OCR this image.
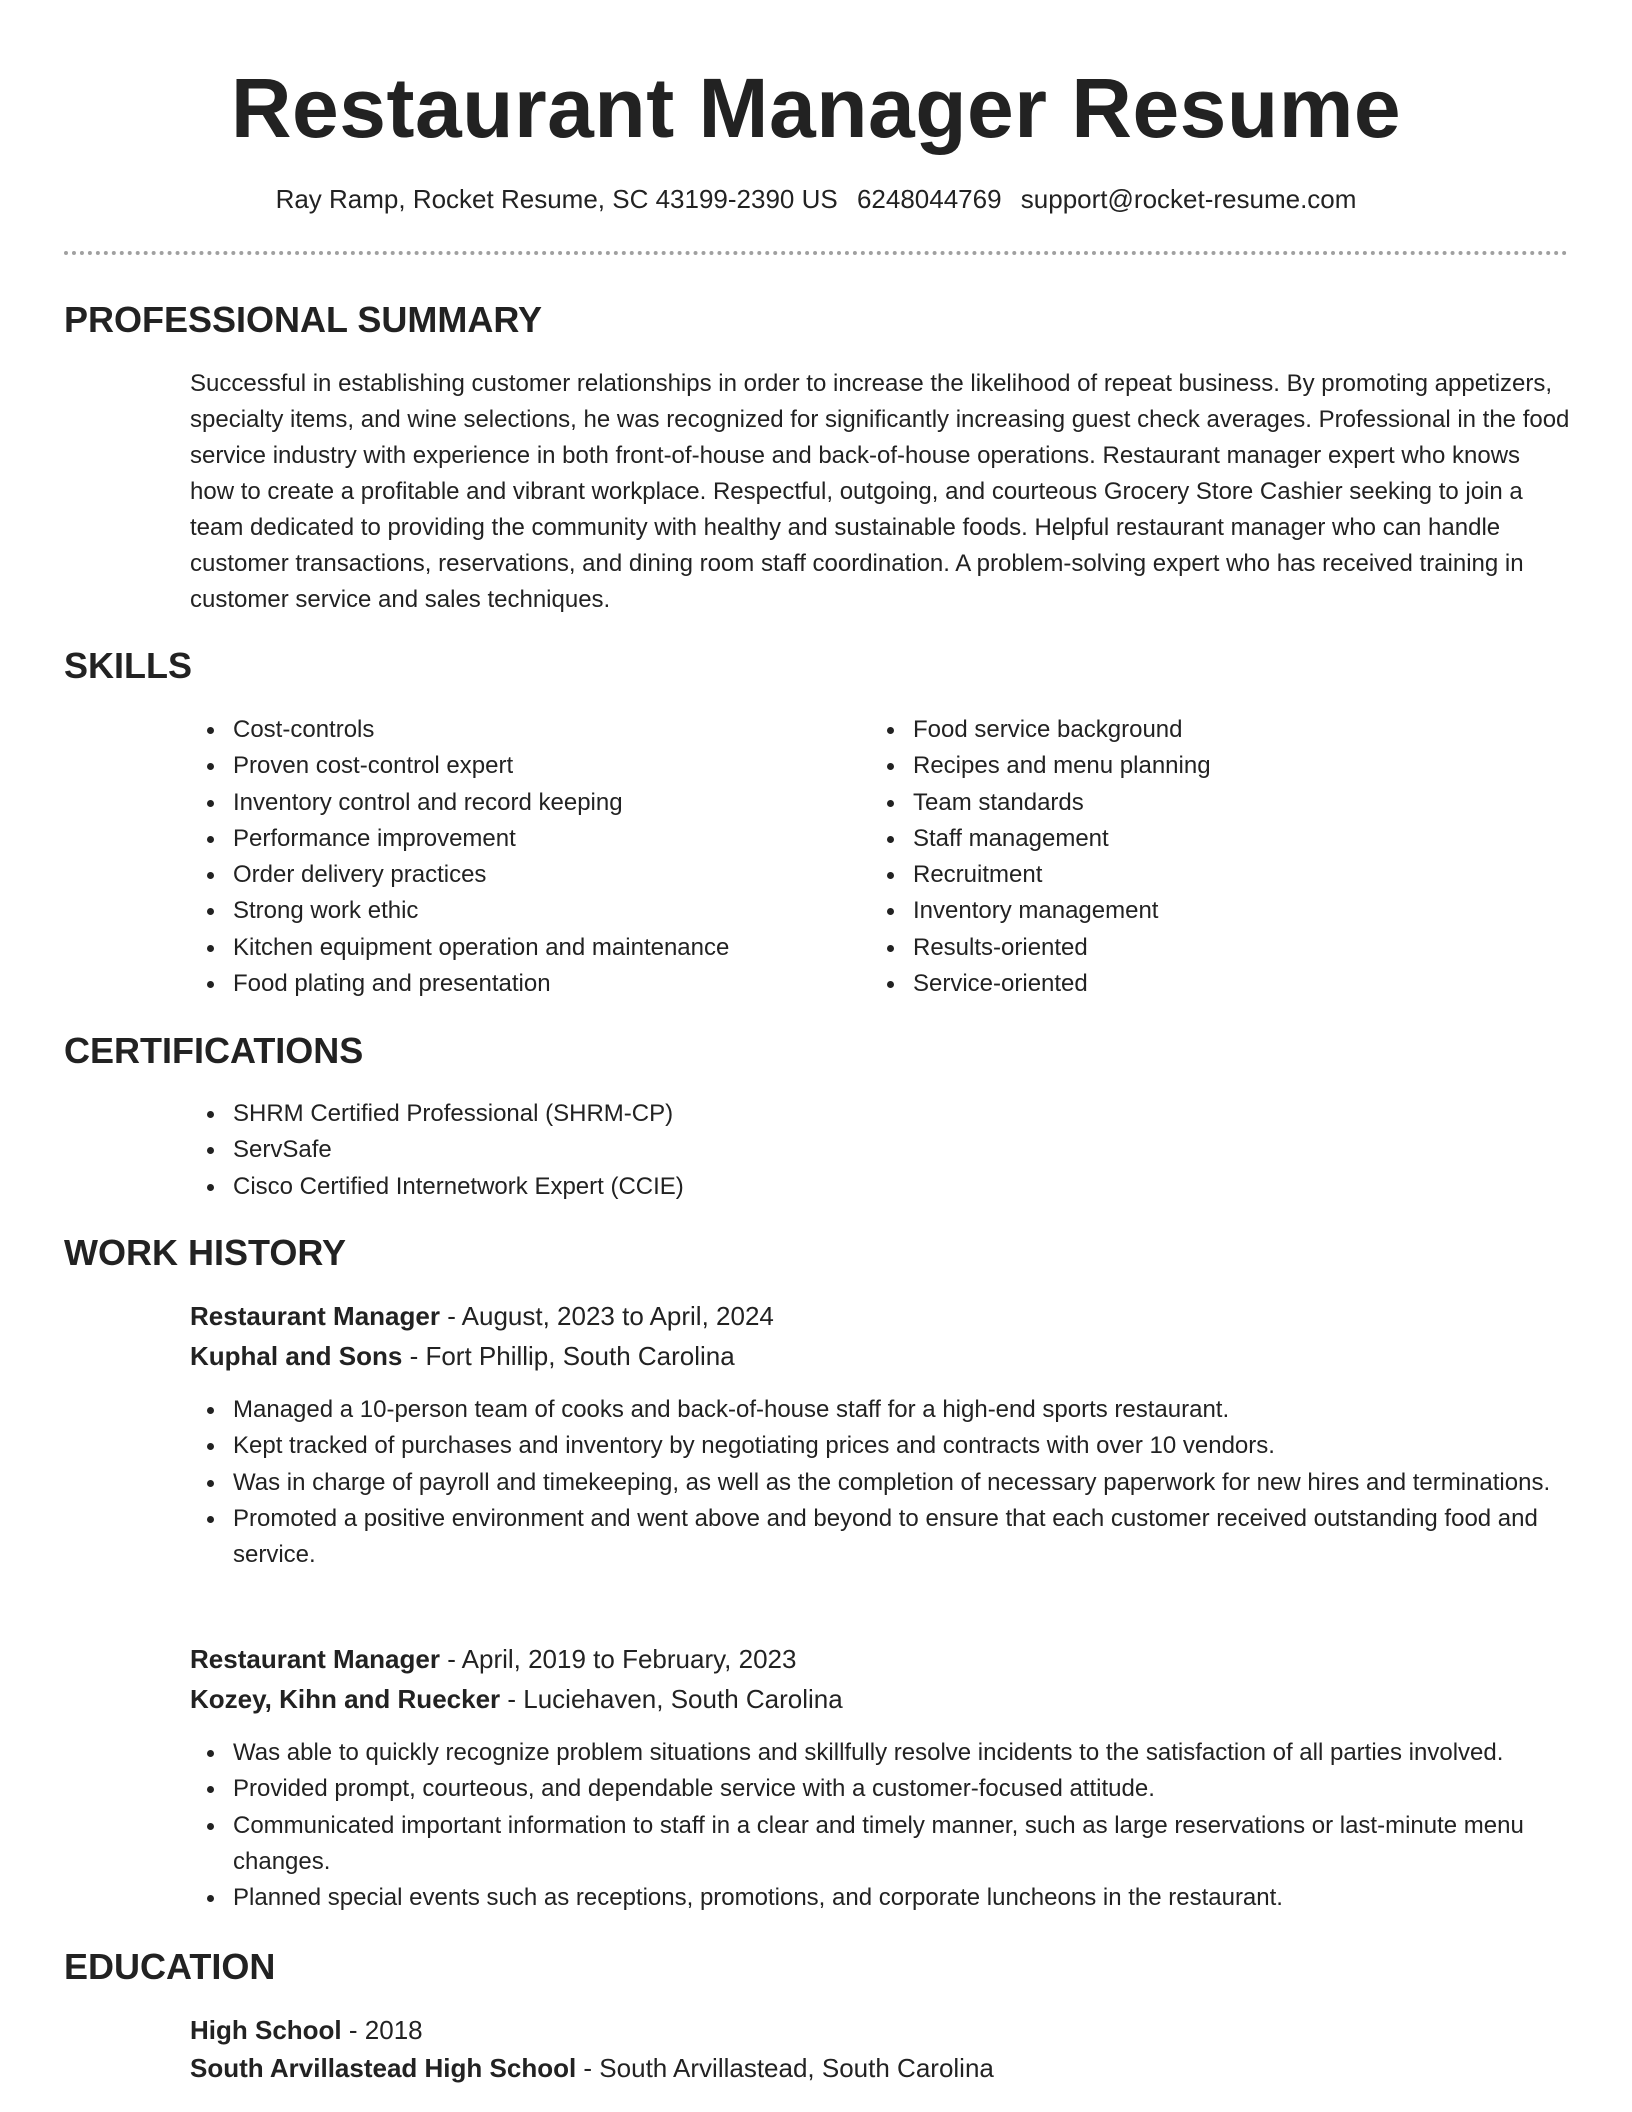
Restaurant Manager Resume
Ray Ramp, Rocket Resume, SC 43199-2390 US 6248044769 support@rocket-resume.com
PROFESSIONAL SUMMARY

Successful in establishing customer relationships in order to increase the likelihood of repeat business. By promoting appetizers, specialty items, and wine selections, he was recognized for significantly increasing guest check averages. Professional in the food service industry with experience in both front-of-house and back-of-house operations. Restaurant manager expert who knows how to create a profitable and vibrant workplace. Respectful, outgoing, and courteous Grocery Store Cashier seeking to join a team dedicated to providing the community with healthy and sustainable foods. Helpful restaurant manager who can handle customer transactions, reservations, and dining room staff coordination. A problem-solving expert who has received training in customer service and sales techniques.

SKILLS
Cost-controls
Proven cost-control expert
Inventory control and record keeping
Performance improvement
Order delivery practices
Strong work ethic
Kitchen equipment operation and maintenance
Food plating and presentation
Food service background
Recipes and menu planning
Team standards
Staff management
Recruitment
Inventory management
Results-oriented
Service-oriented
CERTIFICATIONS
SHRM Certified Professional (SHRM-CP)
ServSafe
Cisco Certified Internetwork Expert (CCIE)
WORK HISTORY
Restaurant Manager - August, 2023 to April, 2024
Kuphal and Sons - Fort Phillip, South Carolina
Managed a 10-person team of cooks and back-of-house staff for a high-end sports restaurant.
Kept tracked of purchases and inventory by negotiating prices and contracts with over 10 vendors.
Was in charge of payroll and timekeeping, as well as the completion of necessary paperwork for new hires and terminations.
Promoted a positive environment and went above and beyond to ensure that each customer received outstanding food and service.
Restaurant Manager - April, 2019 to February, 2023
Kozey, Kihn and Ruecker - Luciehaven, South Carolina
Was able to quickly recognize problem situations and skillfully resolve incidents to the satisfaction of all parties involved.
Provided prompt, courteous, and dependable service with a customer-focused attitude.
Communicated important information to staff in a clear and timely manner, such as large reservations or last-minute menu changes.
Planned special events such as receptions, promotions, and corporate luncheons in the restaurant.
EDUCATION
High School - 2018
South Arvillastead High School - South Arvillastead, South Carolina
